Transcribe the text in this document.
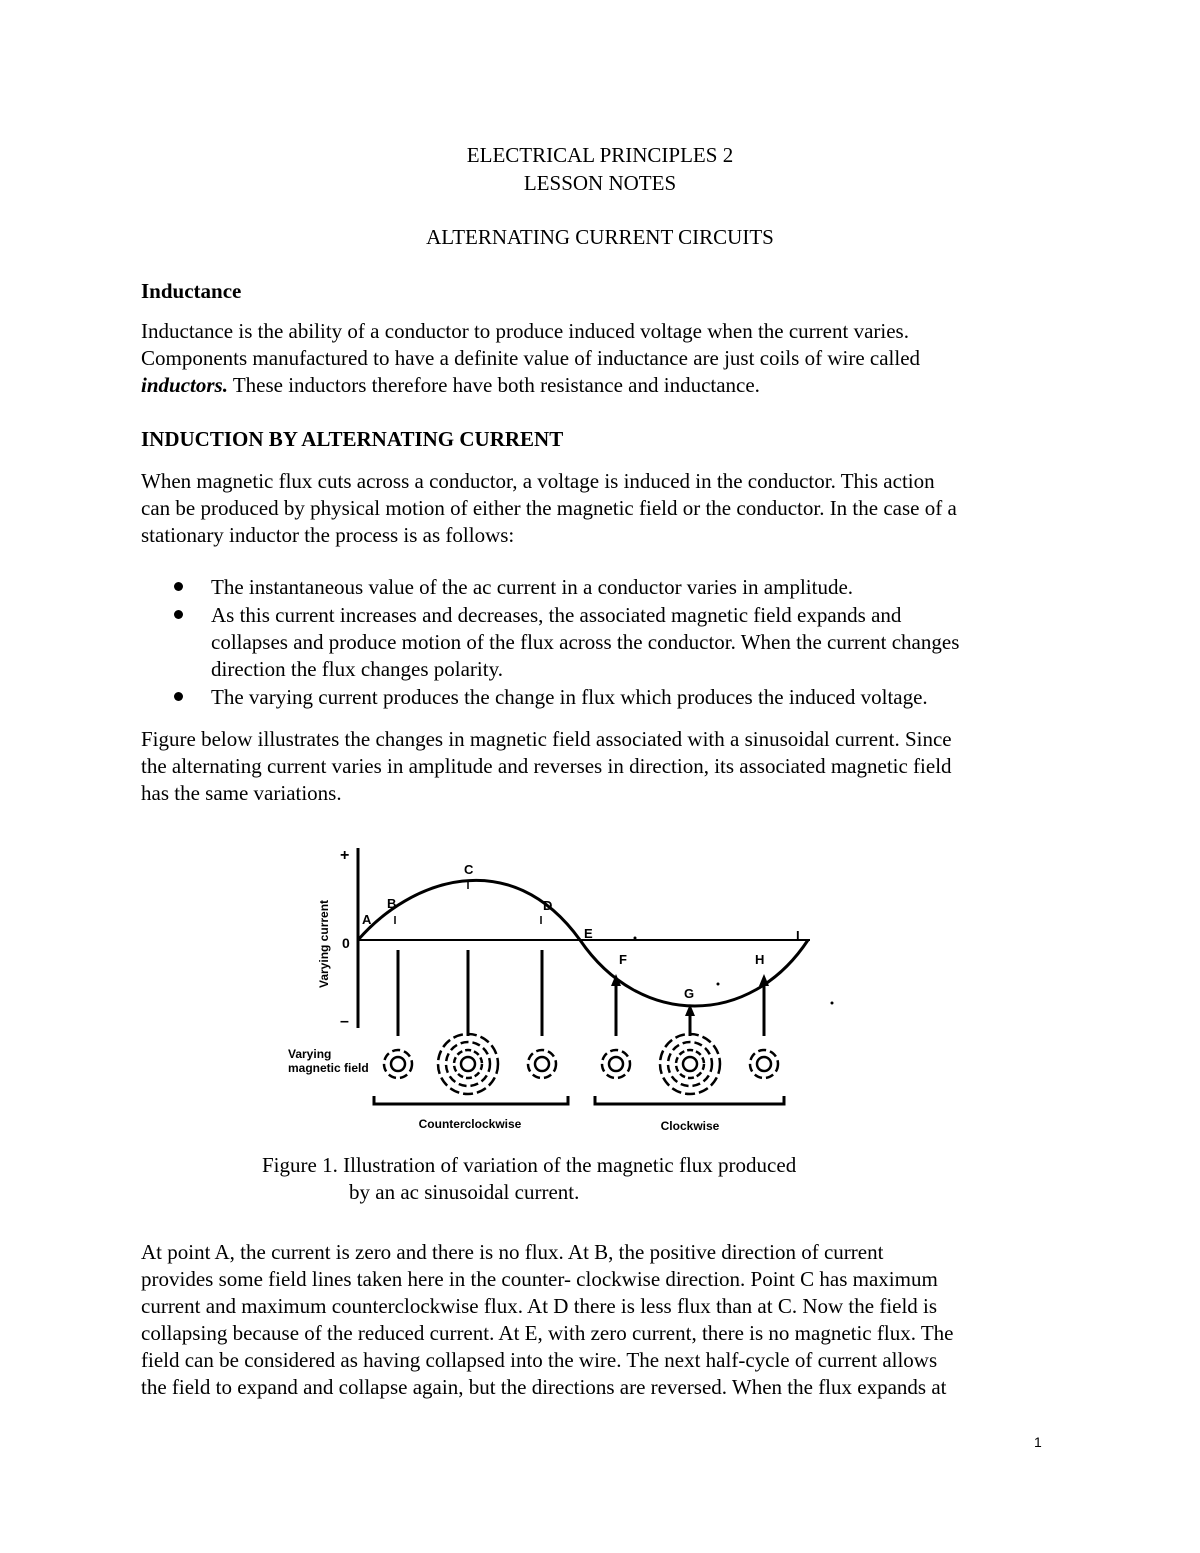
ELECTRICAL PRINCIPLES 2
LESSON NOTES
ALTERNATING CURRENT CIRCUITS
Inductance
Inductance is the ability of a conductor to produce induced voltage when the current varies.
Components manufactured to have a definite value of inductance are just coils of wire called
inductors. These inductors therefore have both resistance and inductance.
INDUCTION BY ALTERNATING CURRENT
When magnetic flux cuts across a conductor, a voltage is induced in the conductor. This action
can be produced by physical motion of either the magnetic field or the conductor. In the case of a
stationary inductor the process is as follows:
The instantaneous value of the ac current in a conductor varies in amplitude.
As this current increases and decreases, the associated magnetic field expands and
collapses and produce motion of the flux across the conductor. When the current changes
direction the flux changes polarity.
The varying current produces the change in flux which produces the induced voltage.
Figure below illustrates the changes in magnetic field associated with a sinusoidal current. Since
the alternating current varies in amplitude and reverses in direction, its associated magnetic field
has the same variations.
+
0
–
Varying current A
B
C
D
E
F
G
H
I
Varying
magnetic field
Counterclockwise	Clockwise
Figure 1. Illustration of variation of the magnetic flux produced
by an ac sinusoidal current.
At point A, the current is zero and there is no flux. At B, the positive direction of current
provides some field lines taken here in the counter- clockwise direction. Point C has maximum
current and maximum counterclockwise flux. At D there is less flux than at C. Now the field is
collapsing because of the reduced current. At E, with zero current, there is no magnetic flux. The
field can be considered as having collapsed into the wire. The next half-cycle of current allows
the field to expand and collapse again, but the directions are reversed. When the flux expands at
1
